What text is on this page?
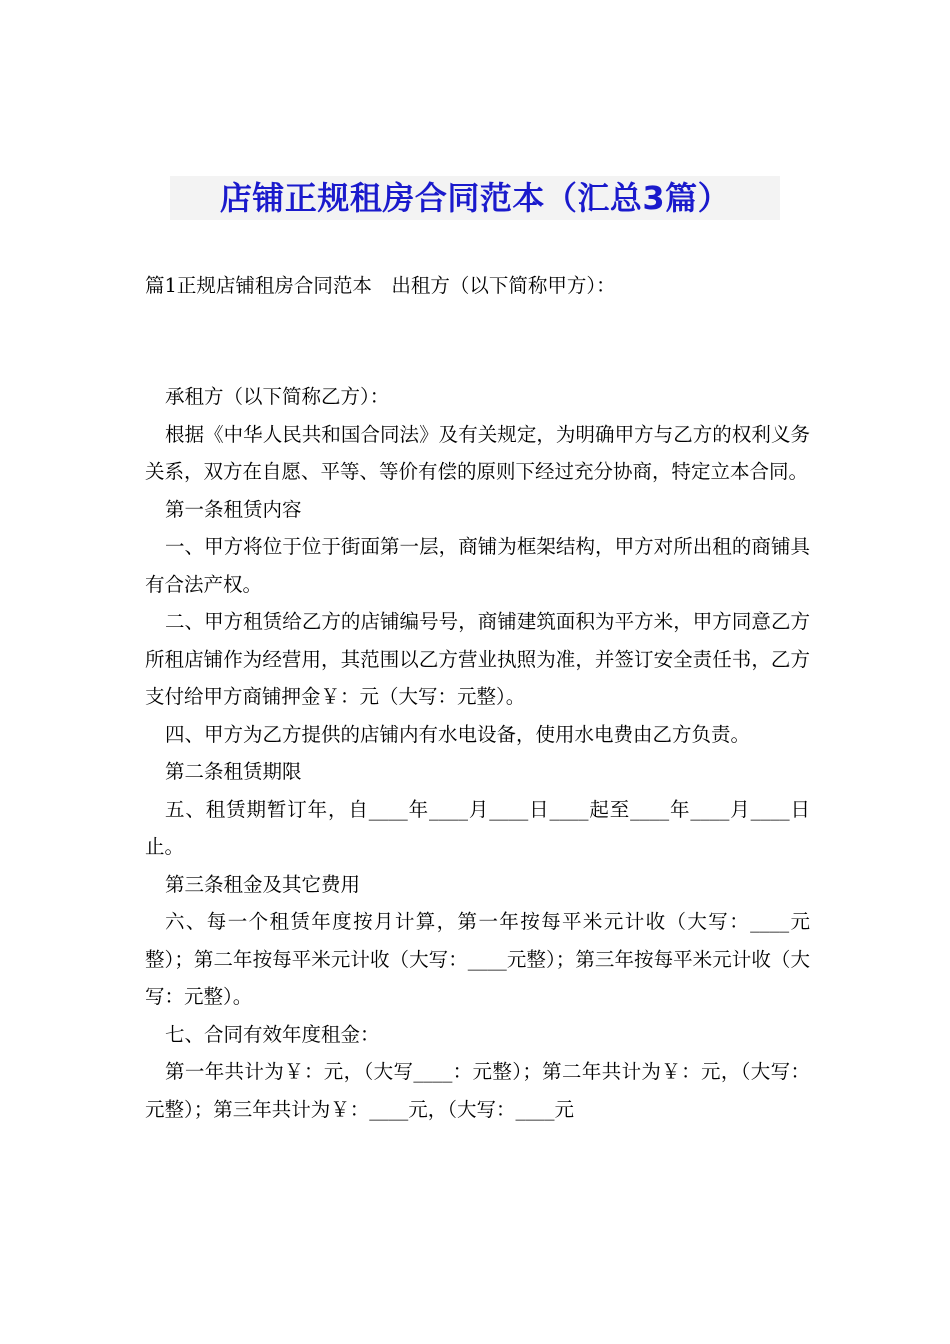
店铺正规租房合同范本（汇总3篇）

篇1正规店铺租房合同范本　出租方（以下简称甲方）：

承租方（以下简称乙方）：

根据《中华人民共和国合同法》及有关规定，为明确甲方与乙方的权利义务关系，双方在自愿、平等、等价有偿的原则下经过充分协商，特定立本合同。

第一条租赁内容

一、甲方将位于位于街面第一层，商铺为框架结构，甲方对所出租的商铺具有合法产权。

二、甲方租赁给乙方的店铺编号号，商铺建筑面积为平方米，甲方同意乙方所租店铺作为经营用，其范围以乙方营业执照为准，并签订安全责任书，乙方支付给甲方商铺押金￥：元（大写：元整）。

四、甲方为乙方提供的店铺内有水电设备，使用水电费由乙方负责。

第二条租赁期限

五、租赁期暂订年，自____年____月____日____起至____年____月____日止。

第三条租金及其它费用

六、每一个租赁年度按月计算，第一年按每平米元计收（大写：____元整）；第二年按每平米元计收（大写：____元整）；第三年按每平米元计收（大写：元整）。

七、合同有效年度租金：

第一年共计为￥：元，（大写____：元整）；第二年共计为￥：元，（大写：元整）；第三年共计为￥：____元，（大写：____元
